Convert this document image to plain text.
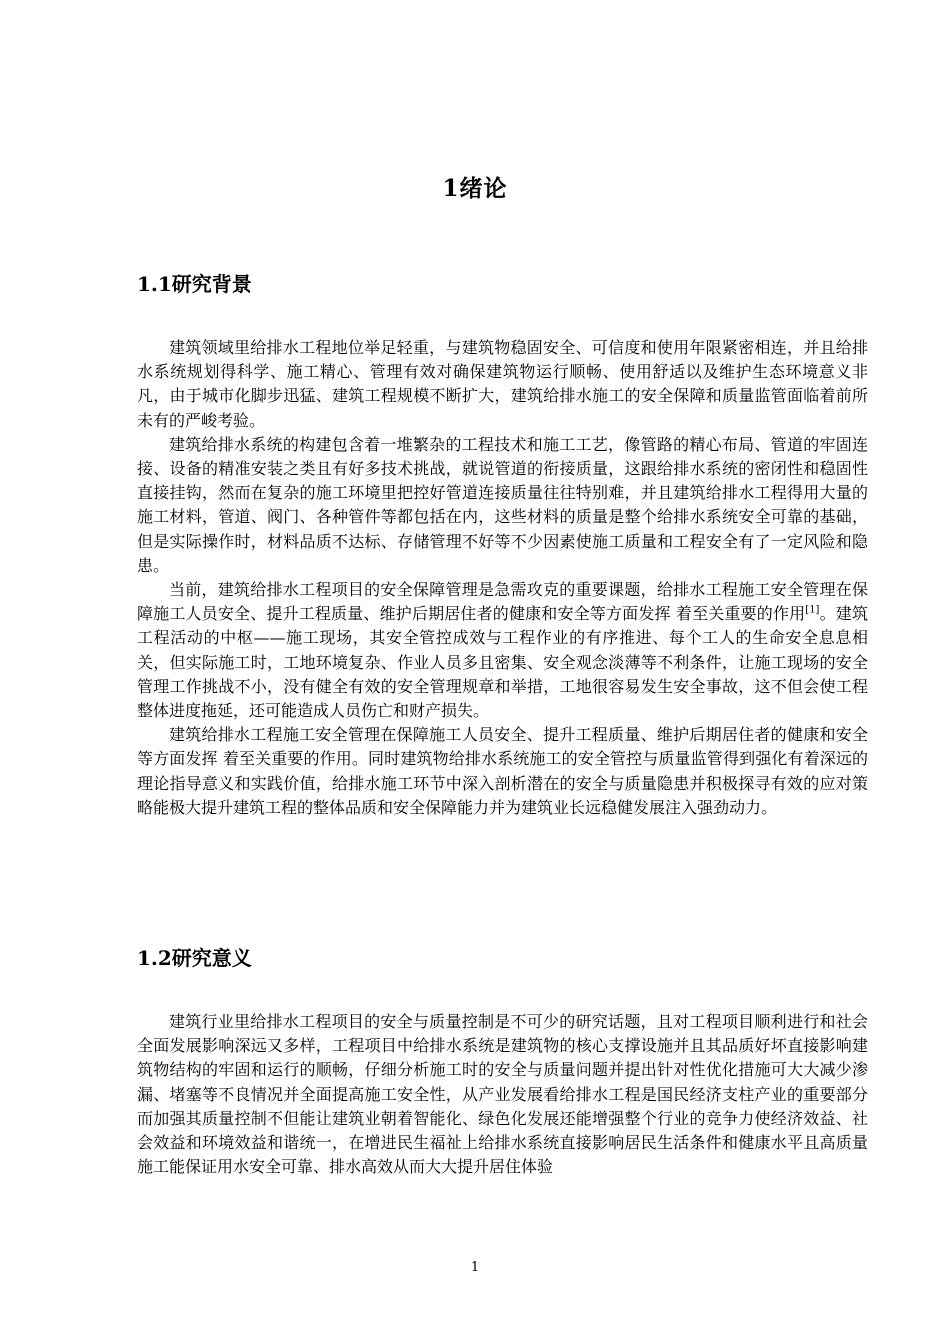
1绪论
1.1研究背景

建筑领域里给排水工程地位举足轻重，与建筑物稳固安全、可信度和使用年限紧密相连，并且给排水系统规划得科学、施工精心、管理有效对确保建筑物运行顺畅、使用舒适以及维护生态环境意义非凡，由于城市化脚步迅猛、建筑工程规模不断扩大，建筑给排水施工的安全保障和质量监管面临着前所未有的严峻考验。

建筑给排水系统的构建包含着一堆繁杂的工程技术和施工工艺，像管路的精心布局、管道的牢固连接、设备的精准安装之类且有好多技术挑战，就说管道的衔接质量，这跟给排水系统的密闭性和稳固性直接挂钩，然而在复杂的施工环境里把控好管道连接质量往往特别难，并且建筑给排水工程得用大量的施工材料，管道、阀门、各种管件等都包括在内，这些材料的质量是整个给排水系统安全可靠的基础，但是实际操作时，材料品质不达标、存储管理不好等不少因素使施工质量和工程安全有了一定风险和隐患。

当前，建筑给排水工程项目的安全保障管理是急需攻克的重要课题，给排水工程施工安全管理在保障施工人员安全、提升工程质量、维护后期居住者的健康和安全等方面发挥 着至关重要的作用[1]。建筑工程活动的中枢——施工现场，其安全管控成效与工程作业的有序推进、每个工人的生命安全息息相关，但实际施工时，工地环境复杂、作业人员多且密集、安全观念淡薄等不利条件，让施工现场的安全管理工作挑战不小，没有健全有效的安全管理规章和举措，工地很容易发生安全事故，这不但会使工程整体进度拖延，还可能造成人员伤亡和财产损失。

建筑给排水工程施工安全管理在保障施工人员安全、提升工程质量、维护后期居住者的健康和安全等方面发挥 着至关重要的作用。同时建筑物给排水系统施工的安全管控与质量监管得到强化有着深远的理论指导意义和实践价值，给排水施工环节中深入剖析潜在的安全与质量隐患并积极探寻有效的应对策略能极大提升建筑工程的整体品质和安全保障能力并为建筑业长远稳健发展注入强劲动力。

1.2研究意义

建筑行业里给排水工程项目的安全与质量控制是不可少的研究话题，且对工程项目顺利进行和社会全面发展影响深远又多样，工程项目中给排水系统是建筑物的核心支撑设施并且其品质好坏直接影响建筑物结构的牢固和运行的顺畅，仔细分析施工时的安全与质量问题并提出针对性优化措施可大大减少渗漏、堵塞等不良情况并全面提高施工安全性，从产业发展看给排水工程是国民经济支柱产业的重要部分而加强其质量控制不但能让建筑业朝着智能化、绿色化发展还能增强整个行业的竞争力使经济效益、社会效益和环境效益和谐统一，在增进民生福祉上给排水系统直接影响居民生活条件和健康水平且高质量施工能保证用水安全可靠、排水高效从而大大提升居住体验

1
